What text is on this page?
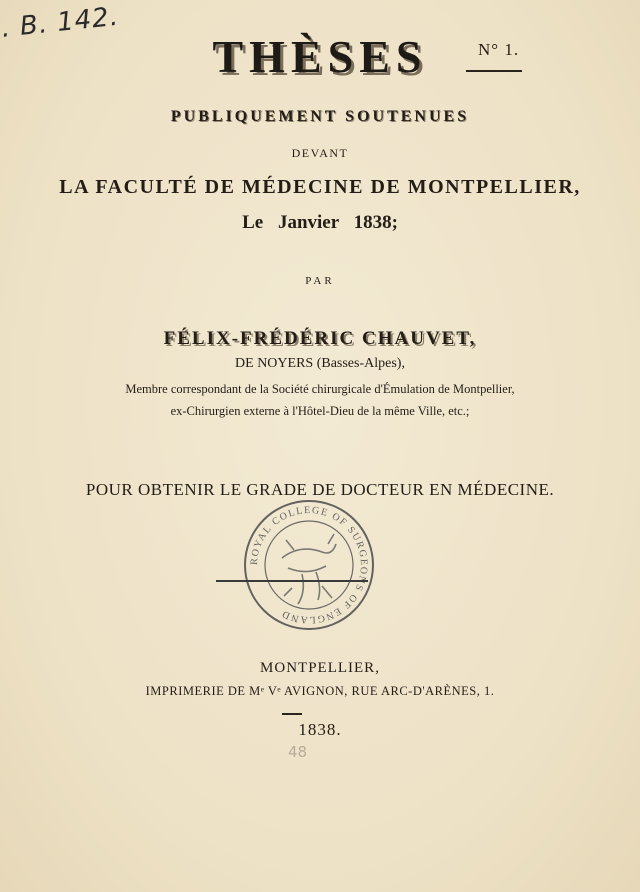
. B. 142.

N° 1.

THÈSES

PUBLIQUEMENT SOUTENUES

DEVANT

LA FACULTÉ DE MÉDECINE DE MONTPELLIER,

Le Janvier 1838;

PAR

FÉLIX-FRÉDÉRIC CHAUVET,

DE NOYERS (Basses-Alpes),

Membre correspondant de la Société chirurgicale d'Émulation de Montpellier,

ex-Chirurgien externe à l'Hôtel-Dieu de la même Ville, etc.;

POUR OBTENIR LE GRADE DE DOCTEUR EN MÉDECINE.

ROYAL COLLEGE OF SURGEO S OF ENGLAND

MONTPELLIER,

IMPRIMERIE DE Mᵉ Vᵉ AVIGNON, RUE ARC-D'ARÈNES, 1.

1838.

48
